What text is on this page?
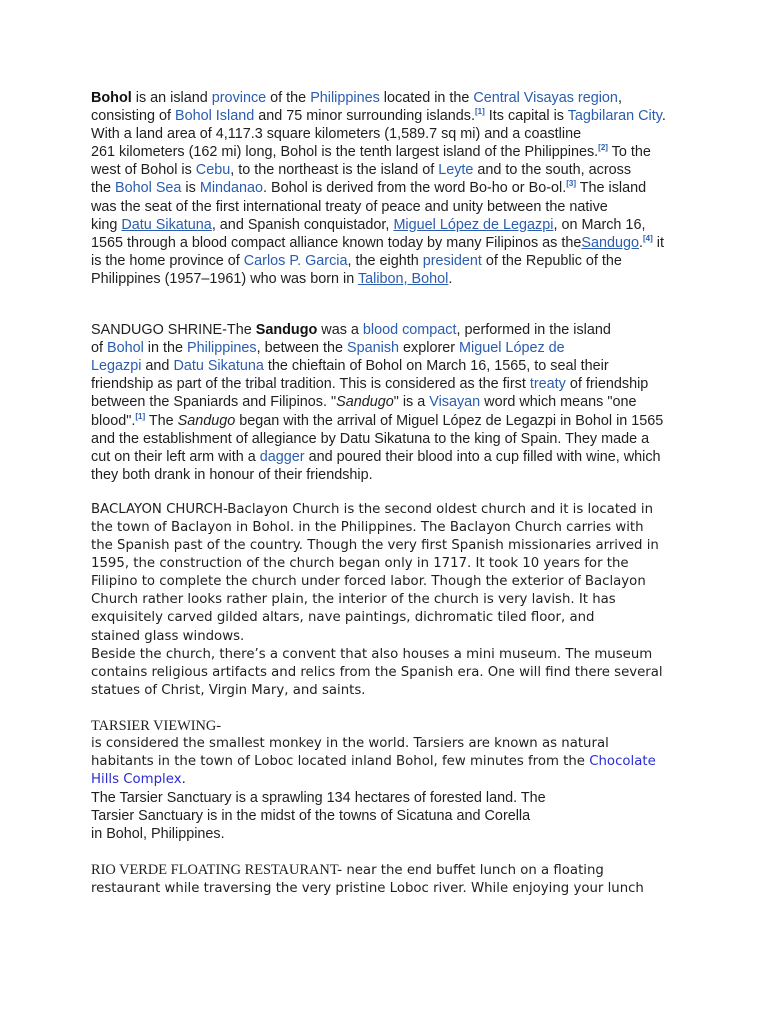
Bohol is an island province of the Philippines located in the Central Visayas region,

consisting of Bohol Island and 75 minor surrounding islands.[1] Its capital is Tagbilaran City.

With a land area of 4,117.3 square kilometers (1,589.7 sq mi) and a coastline

261 kilometers (162 mi) long, Bohol is the tenth largest island of the Philippines.[2] To the

west of Bohol is Cebu, to the northeast is the island of Leyte and to the south, across

the Bohol Sea is Mindanao. Bohol is derived from the word Bo-ho or Bo-ol.[3] The island

was the seat of the first international treaty of peace and unity between the native

king Datu Sikatuna, and Spanish conquistador, Miguel López de Legazpi, on March 16,

1565 through a blood compact alliance known today by many Filipinos as theSandugo.[4] it

is the home province of Carlos P. Garcia, the eighth president of the Republic of the

Philippines (1957–1961) who was born in Talibon, Bohol.

SANDUGO SHRINE-The Sandugo was a blood compact, performed in the island

of Bohol in the Philippines, between the Spanish explorer Miguel López de

Legazpi and Datu Sikatuna the chieftain of Bohol on March 16, 1565, to seal their

friendship as part of the tribal tradition. This is considered as the first treaty of friendship

between the Spaniards and Filipinos. "Sandugo" is a Visayan word which means "one

blood".[1] The Sandugo began with the arrival of Miguel López de Legazpi in Bohol in 1565

and the establishment of allegiance by Datu Sikatuna to the king of Spain. They made a

cut on their left arm with a dagger and poured their blood into a cup filled with wine, which

they both drank in honour of their friendship.

BACLAYON CHURCH-Baclayon Church is the second oldest church and it is located in

the town of Baclayon in Bohol. in the Philippines. The Baclayon Church carries with

the Spanish past of the country. Though the very first Spanish missionaries arrived in

1595, the construction of the church began only in 1717. It took 10 years for the

Filipino to complete the church under forced labor. Though the exterior of Baclayon

Church rather looks rather plain, the interior of the church is very lavish. It has

exquisitely carved gilded altars, nave paintings, dichromatic tiled floor, and

stained glass windows.

Beside the church, there’s a convent that also houses a mini museum. The museum

contains religious artifacts and relics from the Spanish era. One will find there several

statues of Christ, Virgin Mary, and saints.

TARSIER VIEWING-

is considered the smallest monkey in the world. Tarsiers are known as natural

habitants in the town of Loboc located inland Bohol, few minutes from the Chocolate

Hills Complex.

The Tarsier Sanctuary is a sprawling 134 hectares of forested land. The

Tarsier Sanctuary is in the midst of the towns of Sicatuna and Corella

in Bohol, Philippines.

RIO VERDE FLOATING RESTAURANT- near the end buffet lunch on a floating

restaurant while traversing the very pristine Loboc river. While enjoying your lunch
